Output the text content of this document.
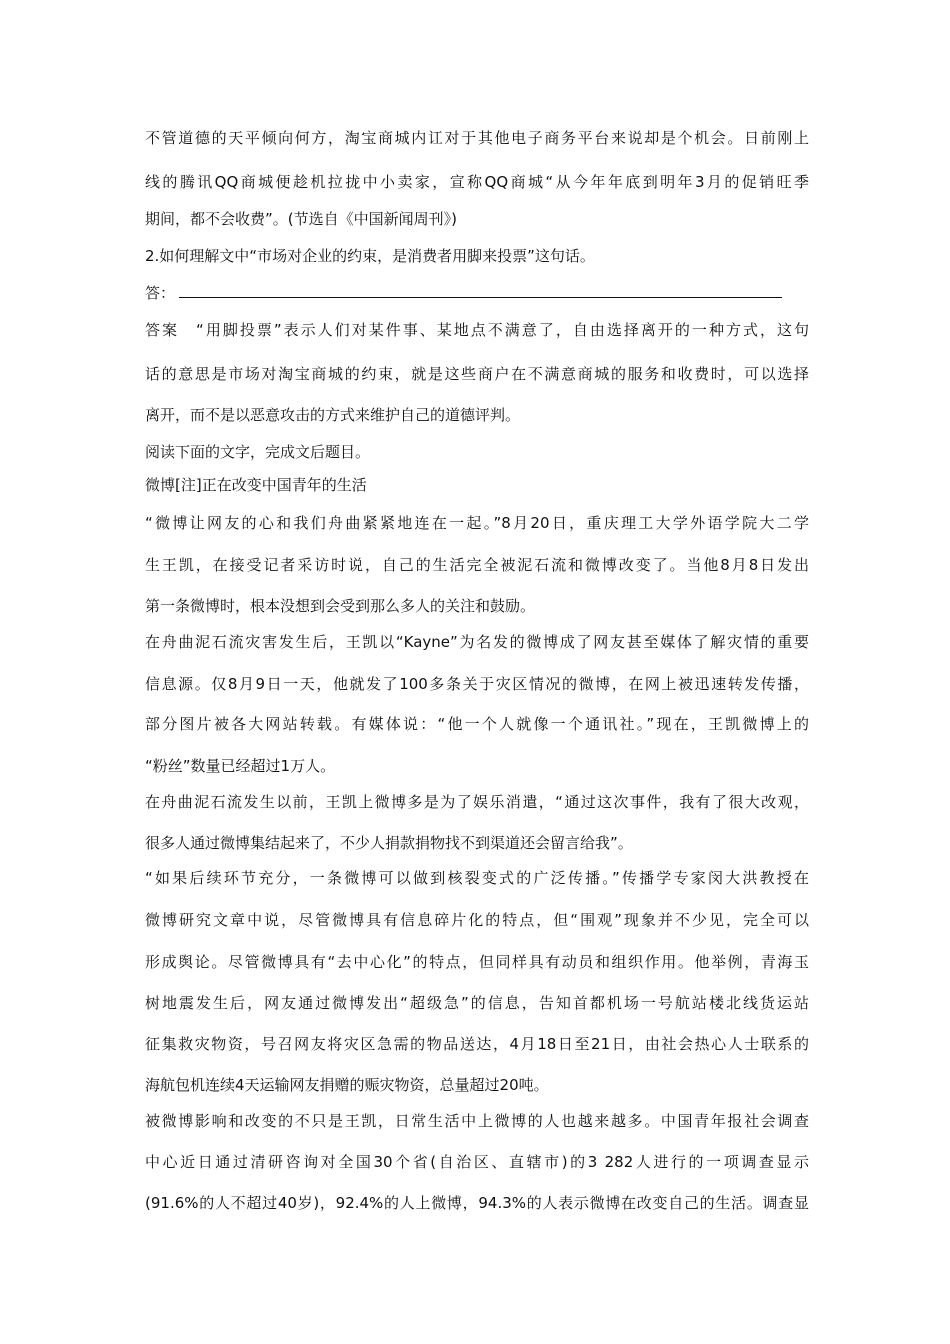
不管道德的天平倾向何方，淘宝商城内讧对于其他电子商务平台来说却是个机会。日前刚上
线的腾讯QQ商城便趁机拉拢中小卖家，宣称QQ商城“从今年年底到明年3月的促销旺季
期间，都不会收费”。(节选自《中国新闻周刊》)
2.如何理解文中“市场对企业的约束，是消费者用脚来投票”这句话。
答：
答案　“用脚投票”表示人们对某件事、某地点不满意了，自由选择离开的一种方式，这句
话的意思是市场对淘宝商城的约束，就是这些商户在不满意商城的服务和收费时，可以选择
离开，而不是以恶意攻击的方式来维护自己的道德评判。
阅读下面的文字，完成文后题目。
微博[注]正在改变中国青年的生活
“微博让网友的心和我们舟曲紧紧地连在一起。”8月20日，重庆理工大学外语学院大二学
生王凯，在接受记者采访时说，自己的生活完全被泥石流和微博改变了。当他8月8日发出
第一条微博时，根本没想到会受到那么多人的关注和鼓励。
在舟曲泥石流灾害发生后，王凯以“Kayne”为名发的微博成了网友甚至媒体了解灾情的重要
信息源。仅8月9日一天，他就发了100多条关于灾区情况的微博，在网上被迅速转发传播，
部分图片被各大网站转载。有媒体说：“他一个人就像一个通讯社。”现在，王凯微博上的
“粉丝”数量已经超过1万人。
在舟曲泥石流发生以前，王凯上微博多是为了娱乐消遣，“通过这次事件，我有了很大改观，
很多人通过微博集结起来了，不少人捐款捐物找不到渠道还会留言给我”。
“如果后续环节充分，一条微博可以做到核裂变式的广泛传播。”传播学专家闵大洪教授在
微博研究文章中说，尽管微博具有信息碎片化的特点，但“围观”现象并不少见，完全可以
形成舆论。尽管微博具有“去中心化”的特点，但同样具有动员和组织作用。他举例，青海玉
树地震发生后，网友通过微博发出“超级急”的信息，告知首都机场一号航站楼北线货运站
征集救灾物资，号召网友将灾区急需的物品送达，4月18日至21日，由社会热心人士联系的
海航包机连续4天运输网友捐赠的赈灾物资，总量超过20吨。
被微博影响和改变的不只是王凯，日常生活中上微博的人也越来越多。中国青年报社会调查
中心近日通过清研咨询对全国30个省(自治区、直辖市)的3 282人进行的一项调查显示
(91.6%的人不超过40岁)，92.4%的人上微博，94.3%的人表示微博在改变自己的生活。调查显
